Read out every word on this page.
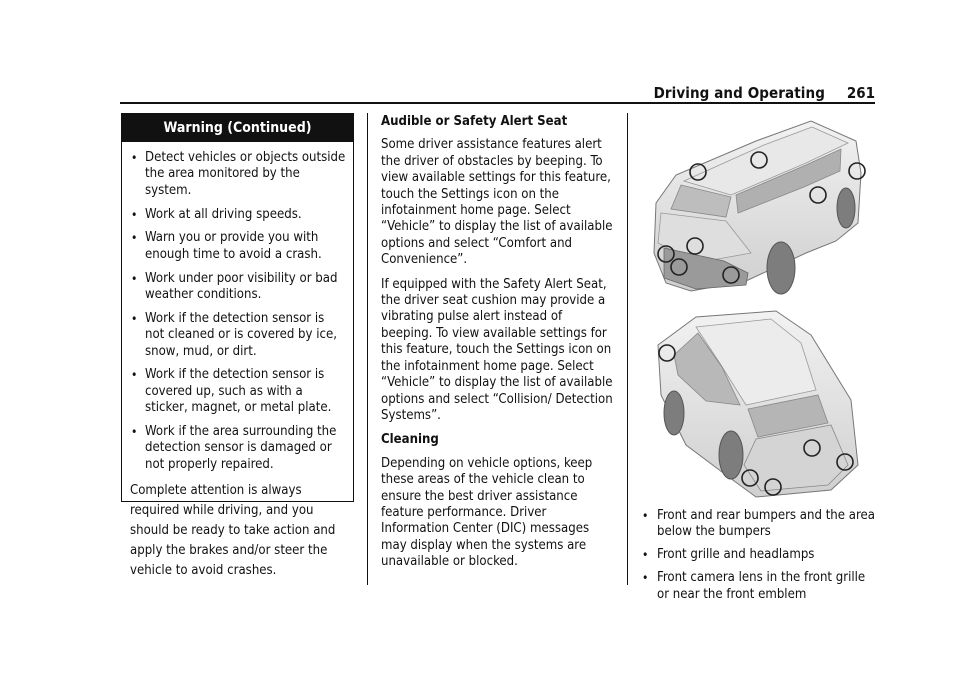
Driving and Operating 261
Warning (Continued)
• Detect vehicles or objects outside the area monitored by the system.
• Work at all driving speeds.
• Warn you or provide you with enough time to avoid a crash.
• Work under poor visibility or bad weather conditions.
• Work if the detection sensor is not cleaned or is covered by ice, snow, mud, or dirt.
• Work if the detection sensor is covered up, such as with a sticker, magnet, or metal plate.
• Work if the area surrounding the detection sensor is damaged or not properly repaired.

Complete attention is always required while driving, and you should be ready to take action and apply the brakes and/or steer the vehicle to avoid crashes.

Audible or Safety Alert Seat

Some driver assistance features alert the driver of obstacles by beeping. To view available settings for this feature, touch the Settings icon on the infotainment home page. Select “Vehicle” to display the list of available options and select “Comfort and Convenience”.

If equipped with the Safety Alert Seat, the driver seat cushion may provide a vibrating pulse alert instead of beeping. To view available settings for this feature, touch the Settings icon on the infotainment home page. Select “Vehicle” to display the list of available options and select “Collision/ Detection Systems”.

Cleaning

Depending on vehicle options, keep these areas of the vehicle clean to ensure the best driver assistance feature performance. Driver Information Center (DIC) messages may display when the systems are unavailable or blocked.

• Front and rear bumpers and the area below the bumpers
• Front grille and headlamps
• Front camera lens in the front grille or near the front emblem
